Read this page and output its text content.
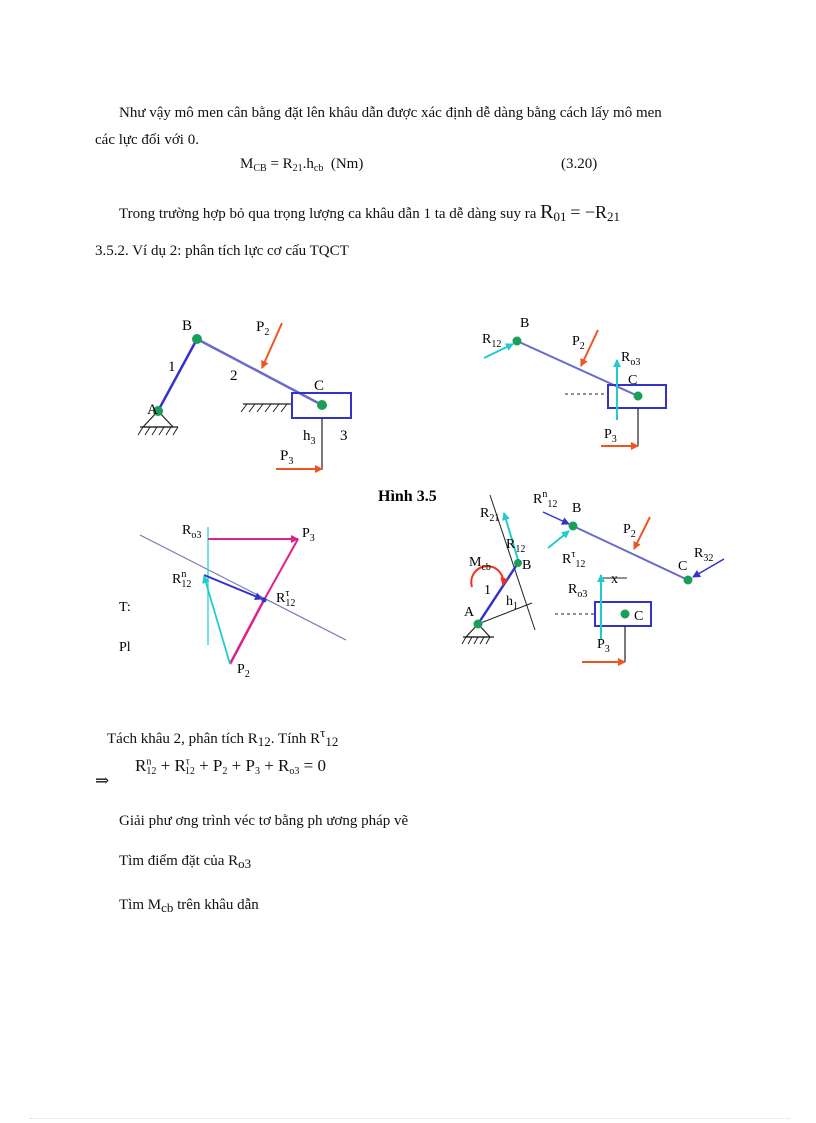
Như vậy mô men cân bằng đặt lên khâu dẫn được xác định dễ dàng bằng cách lấy mô men
các lực đối với 0.
$M_{CB} = R_{21}.h_{cb}$ (Nm)	(3.20)
Trong trường hợp bỏ qua trọng lượng ca khâu dẫn 1 ta dễ dàng suy ra $R_{01} = -R_{21}$
3.5.2. Ví dụ 2: phân tích lực cơ cấu TQCT
A
B
C
1
2
3
$P_2$
$h_3$
$P_3$
$R_{12}$
B
$P_2$
$R_{o3}$
C
$P_3$
$R_{o3}$	$P_3$
$R^n$ 12
$R^\tau$ 12
$P_2$
T:
Pl
$R_{21}$
$R^n_{12}$ B
$R_{12}$
B
$P_2$
$R^\tau_{12}$
$M_{cb}$
1
A
$h_1$
C
$R_{32}$
x
$R_{o3}$
C
$P_3$
Hình 3.5
Tách khâu 2, phân tích $R_{12}$. Tính $R^\tau_{12}$
⇒
$R^n_{12} + R^\tau_{12} + P_2 + P_3 + R_{o3} = 0$
Giải phư ơng trình véc tơ bằng ph ương pháp vẽ
Tìm điểm đặt của $R_{o3}$
Tìm $M_{cb}$ trên khâu dẫn
